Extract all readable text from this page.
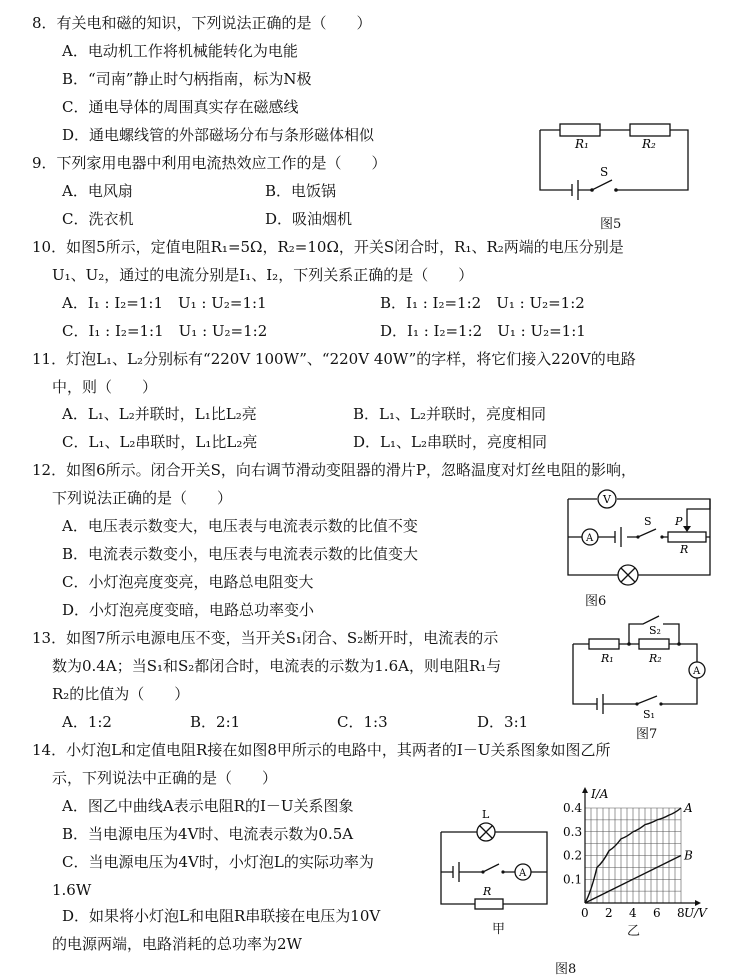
8．有关电和磁的知识，下列说法正确的是（　　）
A．电动机工作将机械能转化为电能
B．“司南”静止时勺柄指南，标为N极
C．通电导体的周围真实存在磁感线
D．通电螺线管的外部磁场分布与条形磁体相似
9．下列家用电器中利用电流热效应工作的是（　　）
A．电风扇	B．电饭锅
C．洗衣机	D．吸油烟机
R₁	R₂
S
图5
10．如图5所示，定值电阻R₁=5Ω，R₂=10Ω，开关S闭合时，R₁、R₂两端的电压分别是
U₁、U₂，通过的电流分别是I₁、I₂，下列关系正确的是（　　）
A．I₁ : I₂=1:1　U₁ : U₂=1:1	B．I₁ : I₂=1:2　U₁ : U₂=1:2
C．I₁ : I₂=1:1　U₁ : U₂=1:2	D．I₁ : I₂=1:2　U₁ : U₂=1:1
11．灯泡L₁、L₂分别标有“220V 100W”、“220V 40W”的字样，将它们接入220V的电路
中，则（　　）
A．L₁、L₂并联时，L₁比L₂亮	B．L₁、L₂并联时，亮度相同
C．L₁、L₂串联时，L₁比L₂亮	D．L₁、L₂串联时，亮度相同
12．如图6所示。闭合开关S，向右调节滑动变阻器的滑片P，忽略温度对灯丝电阻的影响，
下列说法正确的是（　　）
A．电压表示数变大，电压表与电流表示数的比值不变
B．电流表示数变小，电压表与电流表示数的比值变大
C．小灯泡亮度变亮，电路总电阻变大
D．小灯泡亮度变暗，电路总功率变小
V
A
S P
R
图6
13．如图7所示电源电压不变，当开关S₁闭合、S₂断开时，电流表的示
数为0.4A；当S₁和S₂都闭合时，电流表的示数为1.6A，则电阻R₁与
R₂的比值为（　　）
A．1:2	B．2:1	C．1:3	D．3:1
R₁	R₂
S₂
S₁
A
图7
14．小灯泡L和定值电阻R接在如图8甲所示的电路中，其两者的I－U关系图象如图乙所
示，下列说法中正确的是（　　）
A．图乙中曲线A表示电阻R的I－U关系图象
B．当电源电压为4V时、电流表示数为0.5A
C．当电源电压为4V时，小灯泡L的实际功率为
1.6W
D．如果将小灯泡L和电阻R串联接在电压为10V
的电源两端，电路消耗的总功率为2W
L
A
R
甲
0 2 4 6 8
0.1
0.2
0.3
0.4
U/V
I/A
A
B
乙
图8
